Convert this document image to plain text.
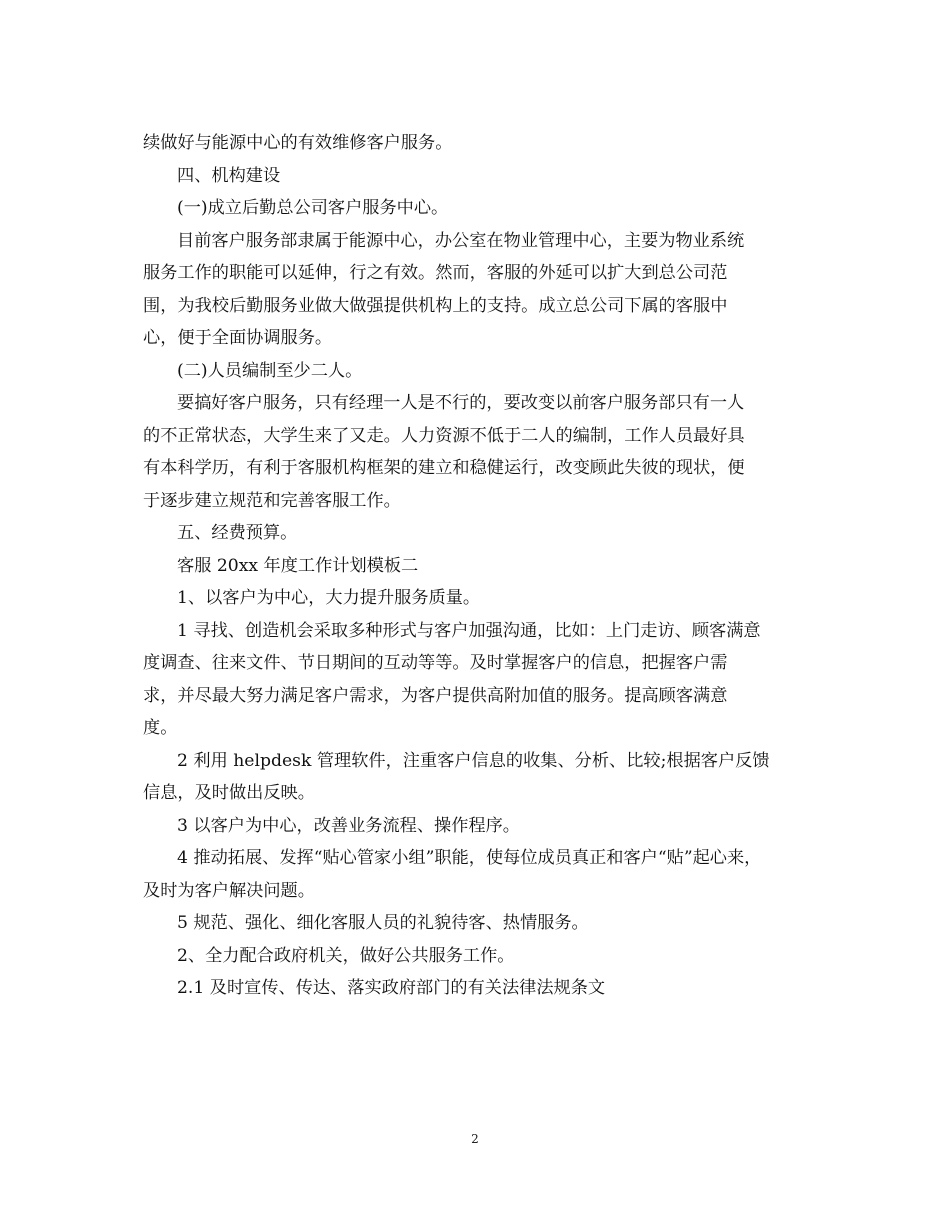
续做好与能源中心的有效维修客户服务。
四、机构建设
(一)成立后勤总公司客户服务中心。
目前客户服务部隶属于能源中心，办公室在物业管理中心，主要为物业系统
服务工作的职能可以延伸，行之有效。然而，客服的外延可以扩大到总公司范
围，为我校后勤服务业做大做强提供机构上的支持。成立总公司下属的客服中
心，便于全面协调服务。
(二)人员编制至少二人。
要搞好客户服务，只有经理一人是不行的，要改变以前客户服务部只有一人
的不正常状态，大学生来了又走。人力资源不低于二人的编制，工作人员最好具
有本科学历，有利于客服机构框架的建立和稳健运行，改变顾此失彼的现状，便
于逐步建立规范和完善客服工作。
五、经费预算。
客服 20xx 年度工作计划模板二
1、以客户为中心，大力提升服务质量。
1 寻找、创造机会采取多种形式与客户加强沟通，比如：上门走访、顾客满意
度调查、往来文件、节日期间的互动等等。及时掌握客户的信息，把握客户需
求，并尽最大努力满足客户需求，为客户提供高附加值的服务。提高顾客满意
度。
2 利用 helpdesk 管理软件，注重客户信息的收集、分析、比较;根据客户反馈
信息，及时做出反映。
3 以客户为中心，改善业务流程、操作程序。
4 推动拓展、发挥“贴心管家小组”职能，使每位成员真正和客户“贴”起心来，
及时为客户解决问题。
5 规范、强化、细化客服人员的礼貌待客、热情服务。
2、全力配合政府机关，做好公共服务工作。
2.1 及时宣传、传达、落实政府部门的有关法律法规条文
2
